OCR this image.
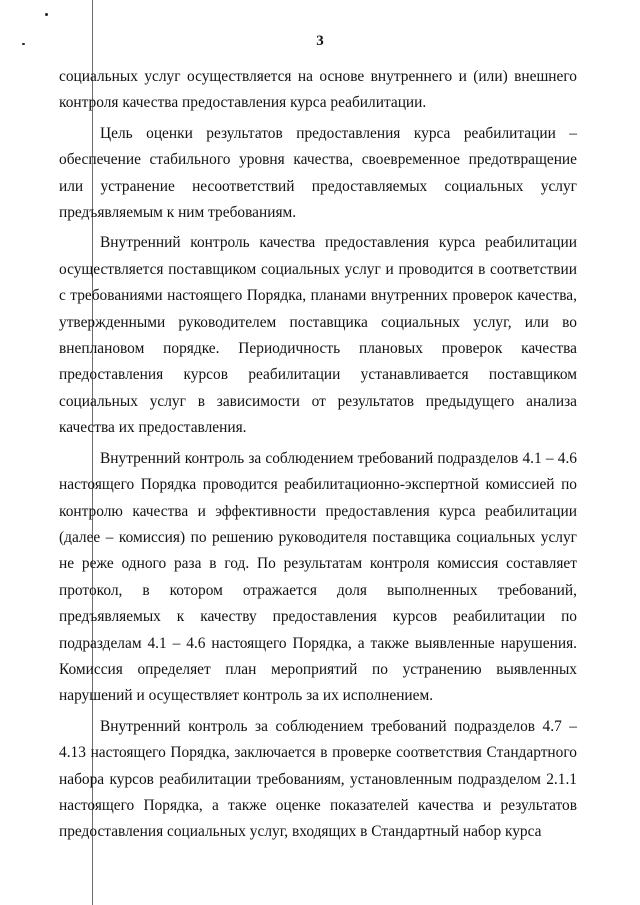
3

социальных услуг осуществляется на основе внутреннего и (или) внешнего контроля качества предоставления курса реабилитации.

Цель оценки результатов предоставления курса реабилитации – обеспечение стабильного уровня качества, своевременное предотвращение или устранение несоответствий предоставляемых социальных услуг предъявляемым к ним требованиям.

Внутренний контроль качества предоставления курса реабилитации осуществляется поставщиком социальных услуг и проводится в соответствии с требованиями настоящего Порядка, планами внутренних проверок качества, утвержденными руководителем поставщика социальных услуг, или во внеплановом порядке. Периодичность плановых проверок качества предоставления курсов реабилитации устанавливается поставщиком социальных услуг в зависимости от результатов предыдущего анализа качества их предоставления.

Внутренний контроль за соблюдением требований подразделов 4.1 – 4.6 настоящего Порядка проводится реабилитационно-экспертной комиссией по контролю качества и эффективности предоставления курса реабилитации (далее – комиссия) по решению руководителя поставщика социальных услуг не реже одного раза в год. По результатам контроля комиссия составляет протокол, в котором отражается доля выполненных требований, предъявляемых к качеству предоставления курсов реабилитации по подразделам 4.1 – 4.6 настоящего Порядка, а также выявленные нарушения. Комиссия определяет план мероприятий по устранению выявленных нарушений и осуществляет контроль за их исполнением.

Внутренний контроль за соблюдением требований подразделов 4.7 – 4.13 настоящего Порядка, заключается в проверке соответствия Стандартного набора курсов реабилитации требованиям, установленным подразделом 2.1.1 настоящего Порядка, а также оценке показателей качества и результатов предоставления социальных услуг, входящих в Стандартный набор курса
